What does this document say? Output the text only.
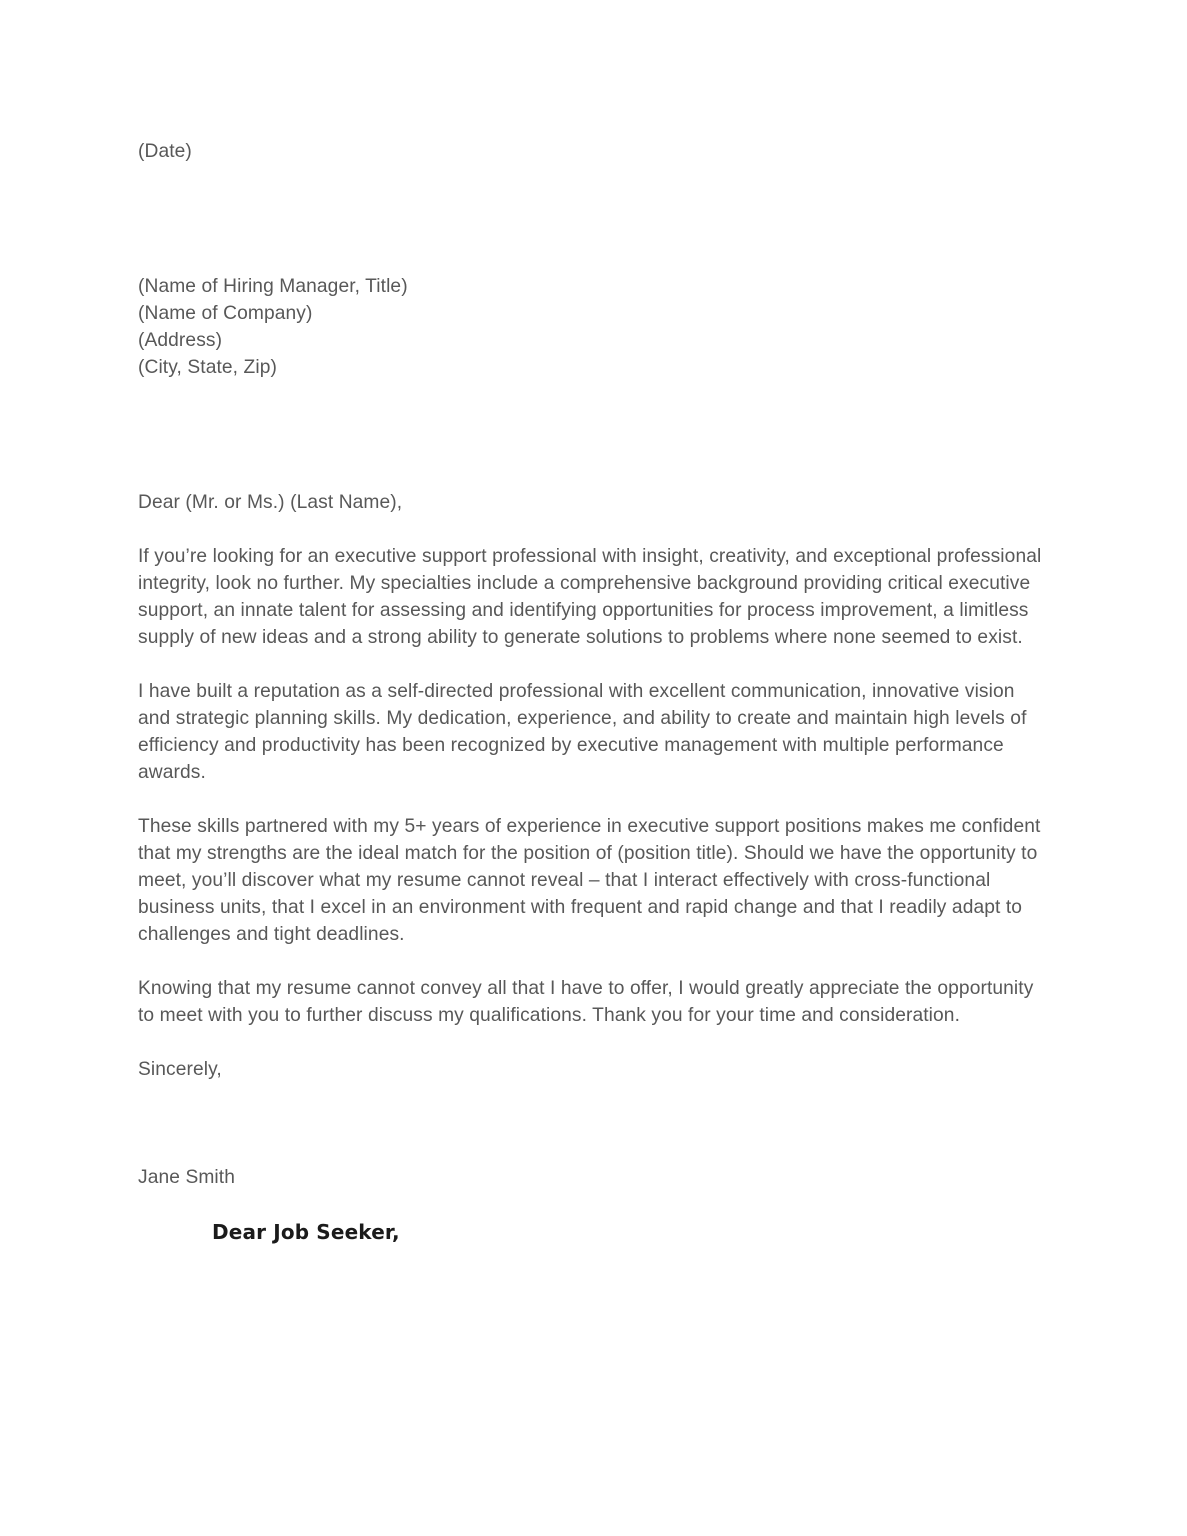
(Date)

(Name of Hiring Manager, Title)
(Name of Company)
(Address)
(City, State, Zip)

Dear (Mr. or Ms.) (Last Name),

If you’re looking for an executive support professional with insight, creativity, and exceptional professional integrity, look no further. My specialties include a comprehensive background providing critical executive support, an innate talent for assessing and identifying opportunities for process improvement, a limitless supply of new ideas and a strong ability to generate solutions to problems where none seemed to exist.

I have built a reputation as a self-directed professional with excellent communication, innovative vision and strategic planning skills. My dedication, experience, and ability to create and maintain high levels of efficiency and productivity has been recognized by executive management with multiple performance awards.

These skills partnered with my 5+ years of experience in executive support positions makes me confident that my strengths are the ideal match for the position of (position title). Should we have the opportunity to meet, you’ll discover what my resume cannot reveal – that I interact effectively with cross-functional business units, that I excel in an environment with frequent and rapid change and that I readily adapt to challenges and tight deadlines.

Knowing that my resume cannot convey all that I have to offer, I would greatly appreciate the opportunity to meet with you to further discuss my qualifications. Thank you for your time and consideration.

Sincerely,

Jane Smith

Dear Job Seeker,
